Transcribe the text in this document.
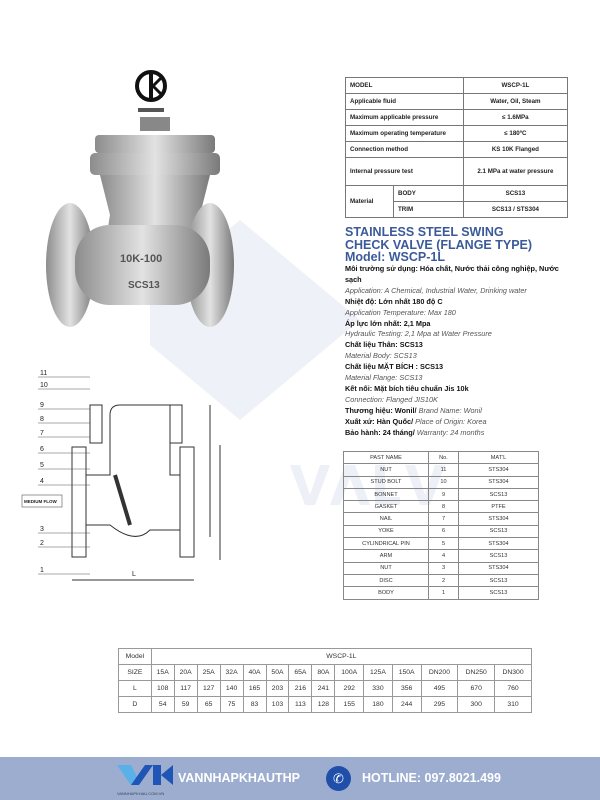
10K-100
SCS13
MEDIUM FLOW
11
10
9
8
7
6
5
4
3
2
1
L
MODEL		WSCP-1L
Applicable fluid		Water, Oil, Steam
Maximum applicable pressure		≤ 1.6MPa
Maximum operating temperature		≤ 180ºC
Connection method		KS 10K Flanged
Internal pressure test		2.1 MPa at water pressure
Material	BODY	SCS13
	TRIM	SCS13 / STS304
STAINLESS STEEL SWING
CHECK VALVE (FLANGE TYPE)
Model: WSCP-1L
Môi trường sử dụng: Hóa chất, Nước thải công nghiệp, Nước sạch
Application: A Chemical, Industrial Water, Drinking water
Nhiệt độ: Lớn nhất 180 độ C
Application Temperature: Max 180
Áp lực lớn nhất: 2,1 Mpa
Hydraulic Testing: 2,1 Mpa at Water Pressure
Chất liệu Thân: SCS13
Material Body: SCS13
Chất liệu MẶT BÍCH : SCS13
Material Flange: SCS13
Kết nối: Mặt bích tiêu chuẩn Jis 10k
Connection: Flanged JIS10K
Thương hiệu: Wonil/ Brand Name: Wonil
Xuất xứ: Hàn Quốc/ Place of Origin: Korea
Bảo hành: 24 tháng/ Warranty: 24 months
PAST NAME	No.	MAT'L
NUT	11	STS304
STUD BOLT	10	STS304
BONNET	9	SCS13
GASKET	8	PTFE
NAIL	7	STS304
YOKE	6	SCS13
CYLINDRICAL PIN	5	STS304
ARM	4	SCS13
NUT	3	STS304
DISC	2	SCS13
BODY	1	SCS13
Model	WSCP-1L													
SIZE	15A	20A	25A	32A	40A	50A	65A	80A	100A	125A	150A	DN200	DN250	DN300
L	108	117	127	140	165	203	216	241	292	330	356	495	670	760
D	54	59	65	75	83	103	113	128	155	180	244	295	300	310
VANNHAPKHAU.COM.VN
VANNHAPKHAUTHP	✆	HOTLINE: 097.8021.499
